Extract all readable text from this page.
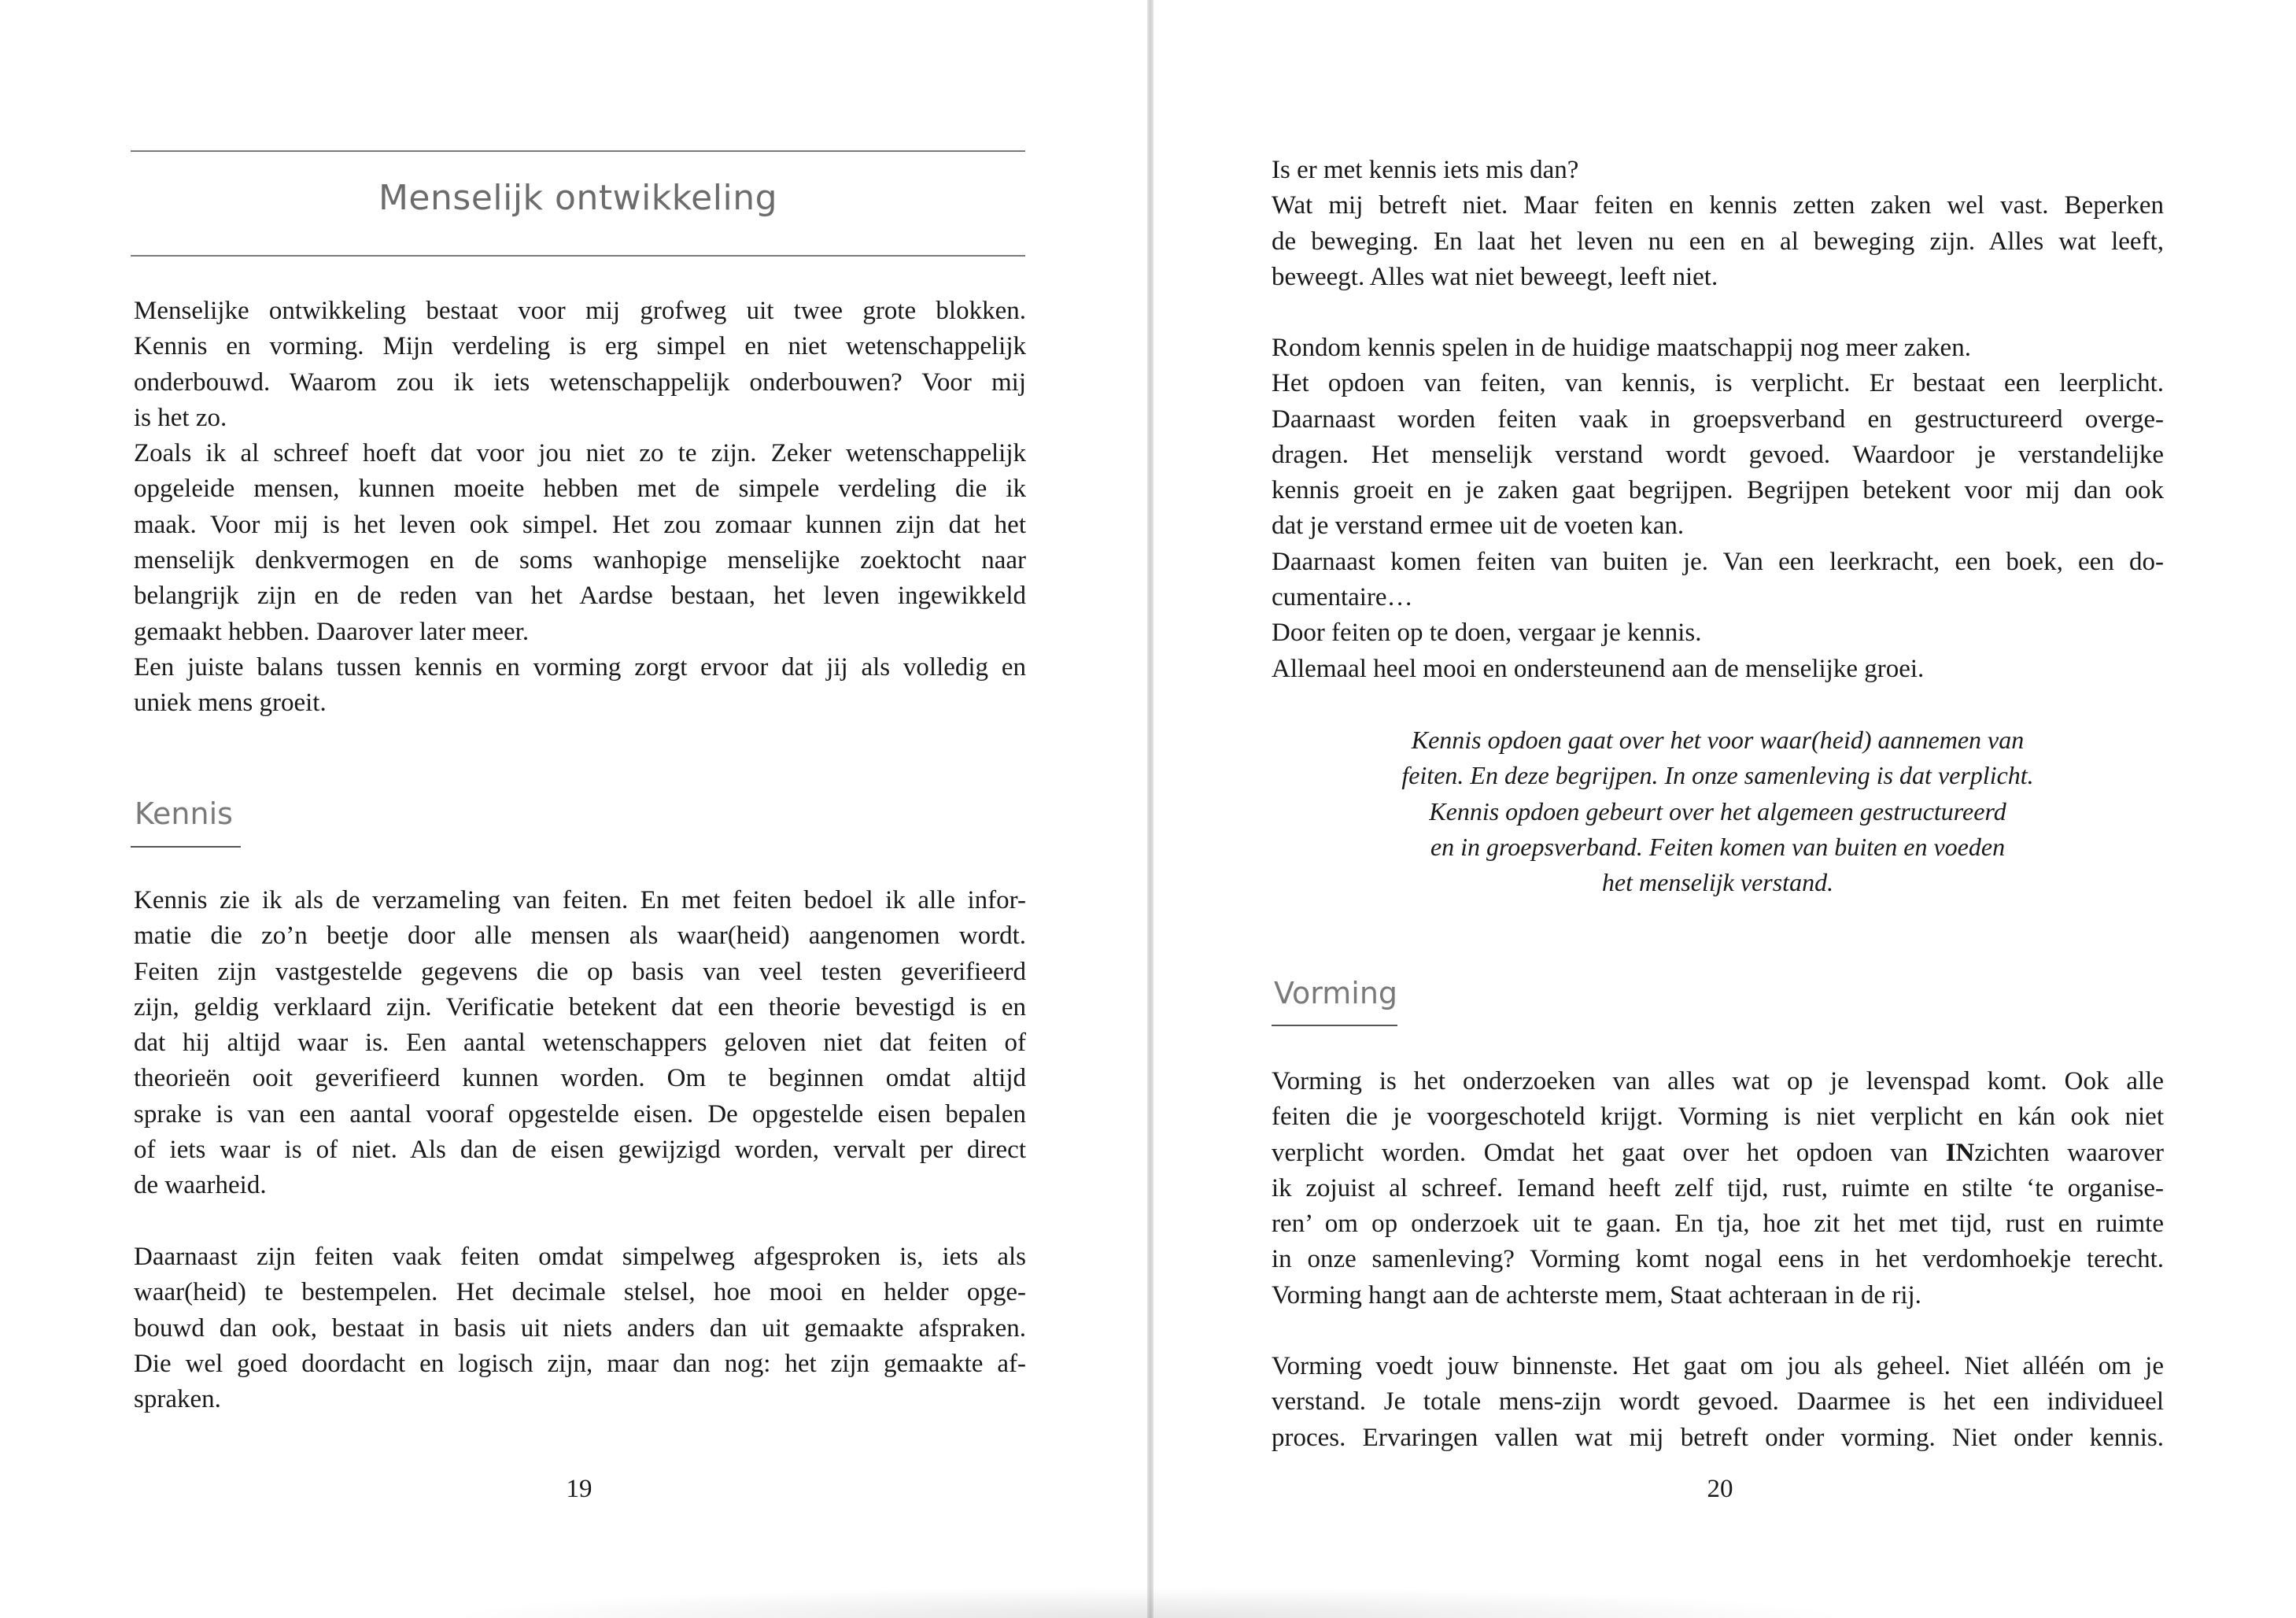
Menselijk ontwikkeling

Menselijke ontwikkeling bestaat voor mij grofweg uit twee grote blokken.

Kennis en vorming. Mijn verdeling is erg simpel en niet wetenschappelijk

onderbouwd. Waarom zou ik iets wetenschappelijk onderbouwen? Voor mij

is het zo.

Zoals ik al schreef hoeft dat voor jou niet zo te zijn. Zeker wetenschappelijk

opgeleide mensen, kunnen moeite hebben met de simpele verdeling die ik

maak. Voor mij is het leven ook simpel. Het zou zomaar kunnen zijn dat het

menselijk denkvermogen en de soms wanhopige menselijke zoektocht naar

belangrijk zijn en de reden van het Aardse bestaan, het leven ingewikkeld

gemaakt hebben. Daarover later meer.

Een juiste balans tussen kennis en vorming zorgt ervoor dat jij als volledig en

uniek mens groeit.

Kennis

Kennis zie ik als de verzameling van feiten. En met feiten bedoel ik alle infor-

matie die zo’n beetje door alle mensen als waar(heid) aangenomen wordt.

Feiten zijn vastgestelde gegevens die op basis van veel testen geverifieerd

zijn, geldig verklaard zijn. Verificatie betekent dat een theorie bevestigd is en

dat hij altijd waar is. Een aantal wetenschappers geloven niet dat feiten of

theorieën ooit geverifieerd kunnen worden. Om te beginnen omdat altijd

sprake is van een aantal vooraf opgestelde eisen. De opgestelde eisen bepalen

of iets waar is of niet. Als dan de eisen gewijzigd worden, vervalt per direct

de waarheid.

Daarnaast zijn feiten vaak feiten omdat simpelweg afgesproken is, iets als

waar(heid) te bestempelen. Het decimale stelsel, hoe mooi en helder opge-

bouwd dan ook, bestaat in basis uit niets anders dan uit gemaakte afspraken.

Die wel goed doordacht en logisch zijn, maar dan nog: het zijn gemaakte af-

spraken.

19

Is er met kennis iets mis dan?

Wat mij betreft niet. Maar feiten en kennis zetten zaken wel vast. Beperken

de beweging. En laat het leven nu een en al beweging zijn. Alles wat leeft,

beweegt. Alles wat niet beweegt, leeft niet.

Rondom kennis spelen in de huidige maatschappij nog meer zaken.

Het opdoen van feiten, van kennis, is verplicht. Er bestaat een leerplicht.

Daarnaast worden feiten vaak in groepsverband en gestructureerd overge-

dragen. Het menselijk verstand wordt gevoed. Waardoor je verstandelijke

kennis groeit en je zaken gaat begrijpen. Begrijpen betekent voor mij dan ook

dat je verstand ermee uit de voeten kan.

Daarnaast komen feiten van buiten je. Van een leerkracht, een boek, een do-

cumentaire…

Door feiten op te doen, vergaar je kennis.

Allemaal heel mooi en ondersteunend aan de menselijke groei.

Kennis opdoen gaat over het voor waar(heid) aannemen van

feiten. En deze begrijpen. In onze samenleving is dat verplicht.

Kennis opdoen gebeurt over het algemeen gestructureerd

en in groepsverband. Feiten komen van buiten en voeden

het menselijk verstand.

Vorming

Vorming is het onderzoeken van alles wat op je levenspad komt. Ook alle

feiten die je voorgeschoteld krijgt. Vorming is niet verplicht en kán ook niet

verplicht worden. Omdat het gaat over het opdoen van INzichten waarover

ik zojuist al schreef. Iemand heeft zelf tijd, rust, ruimte en stilte ‘te organise-

ren’ om op onderzoek uit te gaan. En tja, hoe zit het met tijd, rust en ruimte

in onze samenleving? Vorming komt nogal eens in het verdomhoekje terecht.

Vorming hangt aan de achterste mem, Staat achteraan in de rij.

Vorming voedt jouw binnenste. Het gaat om jou als geheel. Niet alléén om je

verstand. Je totale mens-zijn wordt gevoed. Daarmee is het een individueel

proces. Ervaringen vallen wat mij betreft onder vorming. Niet onder kennis.

20
